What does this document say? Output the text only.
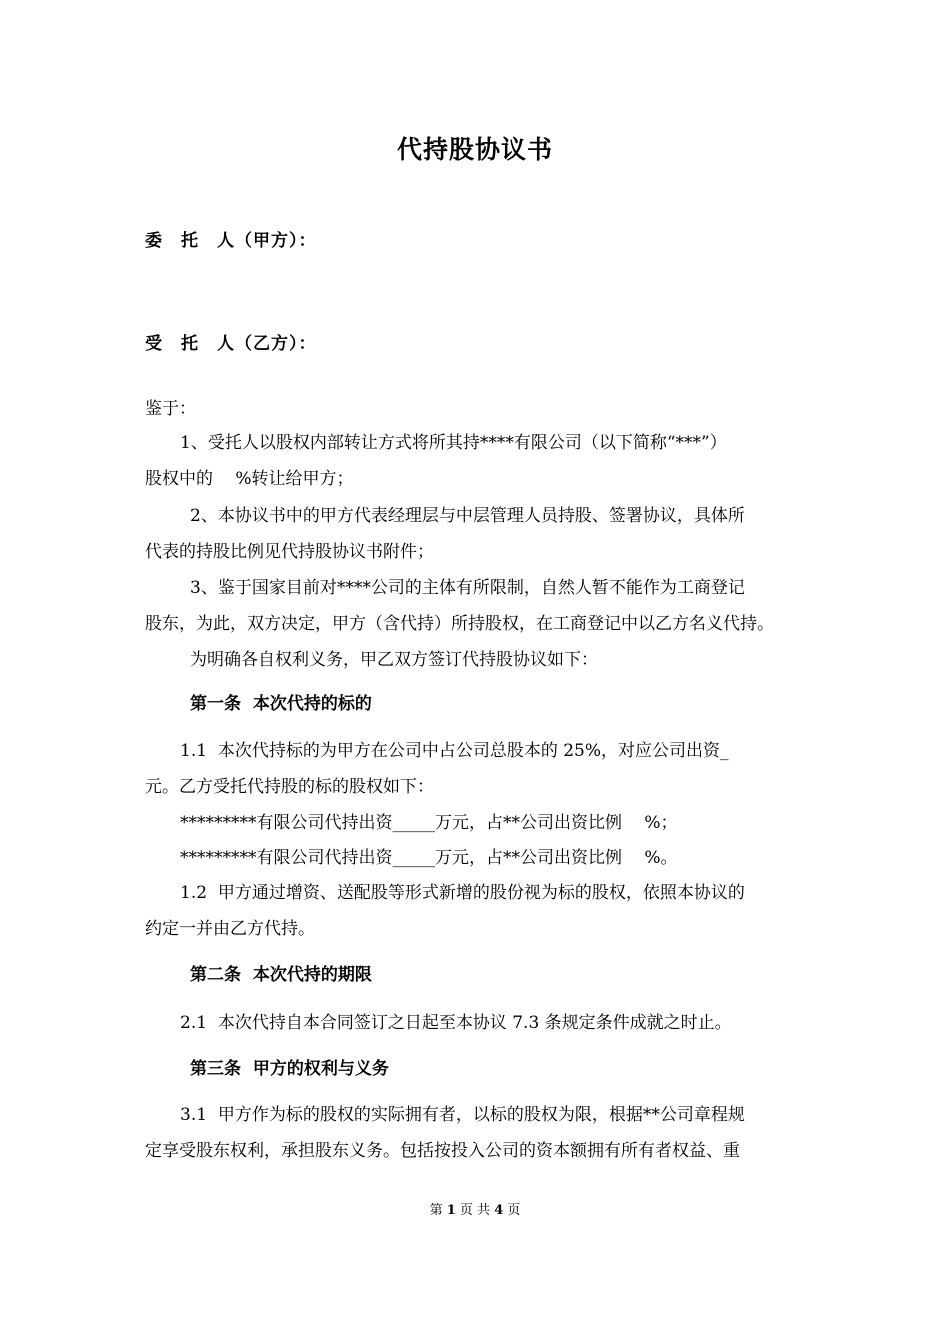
代持股协议书
委　托　人（甲方）：
受　托　人（乙方）：
鉴于：
1、受托人以股权内部转让方式将所其持****有限公司（以下简称“***”）
股权中的　 %转让给甲方；
2、本协议书中的甲方代表经理层与中层管理人员持股、签署协议，具体所
代表的持股比例见代持股协议书附件；
3、鉴于国家目前对****公司的主体有所限制，自然人暂不能作为工商登记
股东，为此，双方决定，甲方（含代持）所持股权，在工商登记中以乙方名义代持。
为明确各自权利义务，甲乙双方签订代持股协议如下：
第一条  本次代持的标的
1.1  本次代持标的为甲方在公司中占公司总股本的 25%，对应公司出资_
元。乙方受托代持股的标的股权如下：
*********有限公司代持出资_____万元，占**公司出资比例　 %；
*********有限公司代持出资_____万元，占**公司出资比例　 %。
1.2  甲方通过增资、送配股等形式新增的股份视为标的股权，依照本协议的
约定一并由乙方代持。
第二条  本次代持的期限
2.1  本次代持自本合同签订之日起至本协议 7.3 条规定条件成就之时止。
第三条  甲方的权利与义务
3.1  甲方作为标的股权的实际拥有者，以标的股权为限，根据**公司章程规
定享受股东权利，承担股东义务。包括按投入公司的资本额拥有所有者权益、重
第 1 页 共 4 页
